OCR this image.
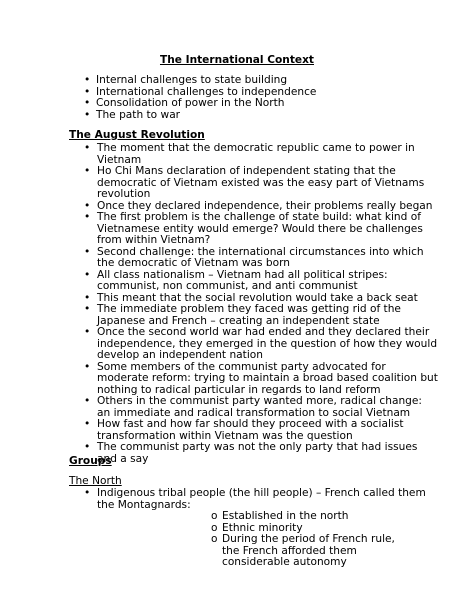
The International Context
• Internal challenges to state building
• International challenges to independence
• Consolidation of power in the North
• The path to war
The August Revolution
• The moment that the democratic republic came to power in Vietnam
• Ho Chi Mans declaration of independent stating that the democratic of Vietnam existed was the easy part of Vietnams revolution
• Once they declared independence, their problems really began
• The first problem is the challenge of state build: what kind of Vietnamese entity would emerge? Would there be challenges from within Vietnam?
• Second challenge: the international circumstances into which the democratic of Vietnam was born
• All class nationalism – Vietnam had all political stripes: communist, non communist, and anti communist
• This meant that the social revolution would take a back seat
• The immediate problem they faced was getting rid of the Japanese and French – creating an independent state
• Once the second world war had ended and they declared their independence, they emerged in the question of how they would develop an independent nation
• Some members of the communist party advocated for moderate reform: trying to maintain a broad based coalition but nothing to radical particular in regards to land reform
• Others in the communist party wanted more, radical change: an immediate and radical transformation to social Vietnam
• How fast and how far should they proceed with a socialist transformation within Vietnam was the question
• The communist party was not the only party that had issues and a say
Groups
The North
• Indigenous tribal people (the hill people) – French called them the Montagnards:
o Established in the north
o Ethnic minority
o During the period of French rule, the French afforded them considerable autonomy
